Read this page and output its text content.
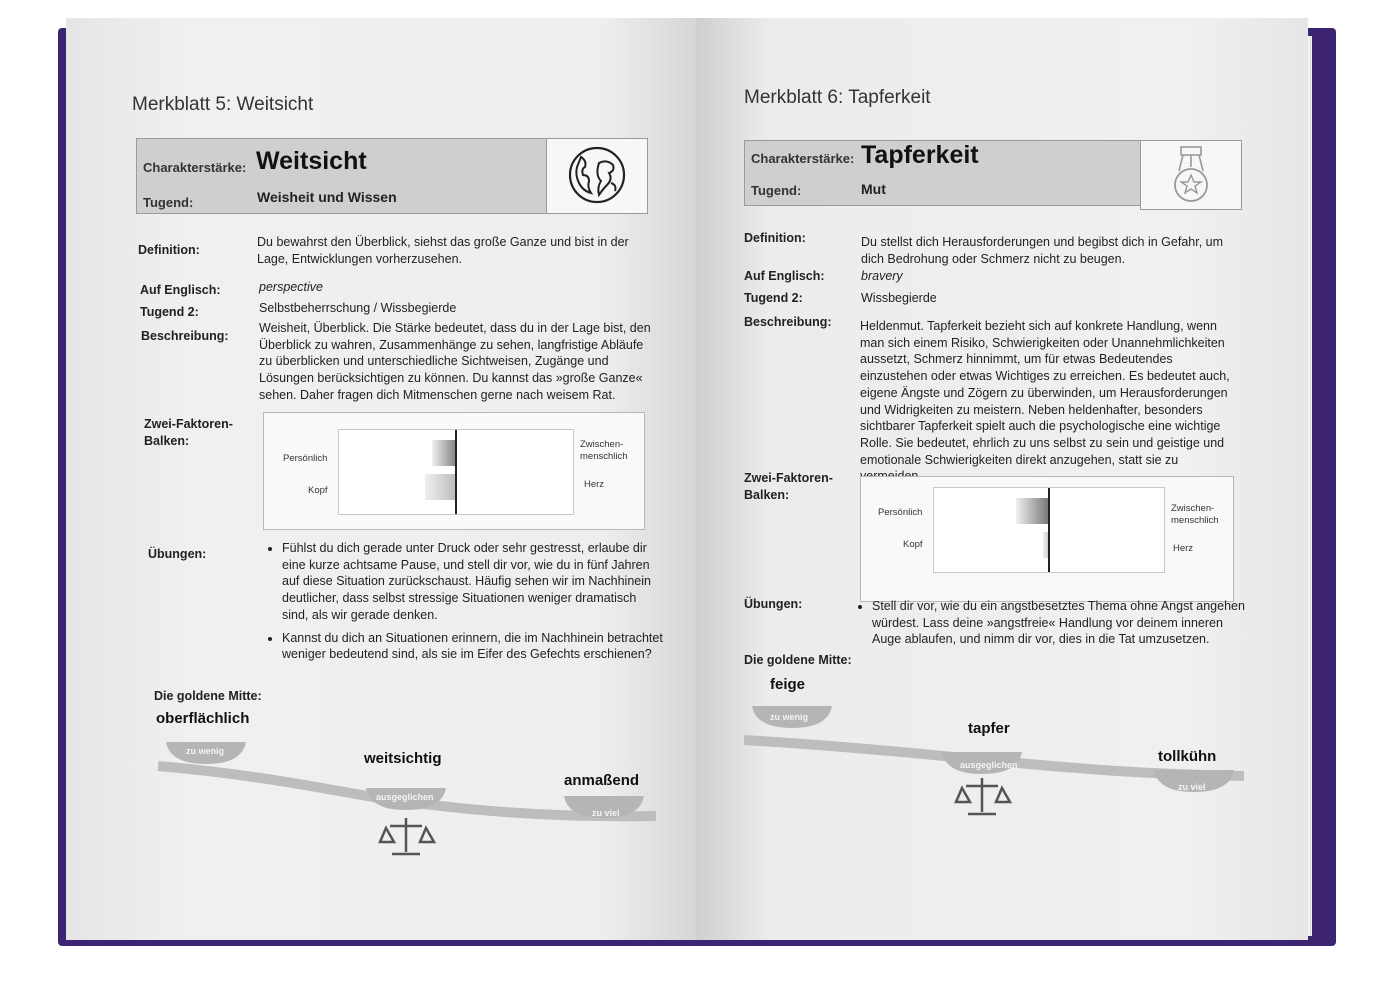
Merkblatt 5: Weitsicht
Charakterstärke: Weitsicht
Tugend:	Weisheit und Wissen
Definition:
Du bewahrst den Überblick, siehst das große Ganze und bist in der Lage, Entwicklungen vorherzusehen.
Auf Englisch:	perspective
Tugend 2:	Selbstbeherrschung / Wissbegierde
Beschreibung:
Weisheit, Überblick. Die Stärke bedeutet, dass du in der Lage bist, den Überblick zu wahren, Zusammenhänge zu sehen, langfristige Abläufe zu überblicken und unterschiedliche Sichtweisen, Zugänge und Lösungen berücksichtigen zu können. Du kannst das »große Ganze« sehen. Daher fragen dich Mitmenschen gerne nach weisem Rat.
Zwei-Faktoren-Balken:
Persönlich
Kopf
Zwischen-menschlich
Herz
Übungen:	• Fühlst du dich gerade unter Druck oder sehr gestresst, erlaube dir eine kurze achtsame Pause, und stell dir vor, wie du in fünf Jahren auf diese Situation zurückschaust. Häufig sehen wir im Nachhinein deutlicher, dass selbst stressige Situationen weniger dramatisch sind, als wir gerade denken.
• Kannst du dich an Situationen erinnern, die im Nachhinein betrachtet weniger bedeutend sind, als sie im Eifer des Gefechts erschienen?
Die goldene Mitte:
oberflächlich
weitsichtig
anmaßend
zu wenig
ausgeglichen
zu viel
Merkblatt 6: Tapferkeit
Charakterstärke: Tapferkeit
Tugend:	Mut
Definition:	Du stellst dich Herausforderungen und begibst dich in Gefahr, um dich Bedrohung oder Schmerz nicht zu beugen.
Auf Englisch:	bravery
Tugend 2:	Wissbegierde
Beschreibung: Heldenmut. Tapferkeit bezieht sich auf konkrete Handlung, wenn man sich einem Risiko, Schwierigkeiten oder Unannehmlichkeiten aussetzt, Schmerz hinnimmt, um für etwas Bedeutendes einzustehen oder etwas Wichtiges zu erreichen. Es bedeutet auch, eigene Ängste und Zögern zu überwinden, um Herausforderungen und Widrigkeiten zu meistern. Neben heldenhafter, besonders sichtbarer Tapferkeit spielt auch die psychologische eine wichtige Rolle. Sie bedeutet, ehrlich zu uns selbst zu sein und geistige und emotionale Schwierigkeiten direkt anzugehen, statt sie zu
Zwei-Faktoren-Balken:
Persönlich
Kopf
Zwischen-menschlich
Herz
Übungen:	• Stell dir vor, wie du ein angstbesetztes Thema ohne Angst angehen würdest. Lass deine »angstfreie« Handlung vor deinem inneren Auge ablaufen, und nimm dir vor, dies in die Tat umzusetzen.
Die goldene Mitte:
feige
tapfer
tollkühn
zu wenig
ausgeglichen
zu viel
